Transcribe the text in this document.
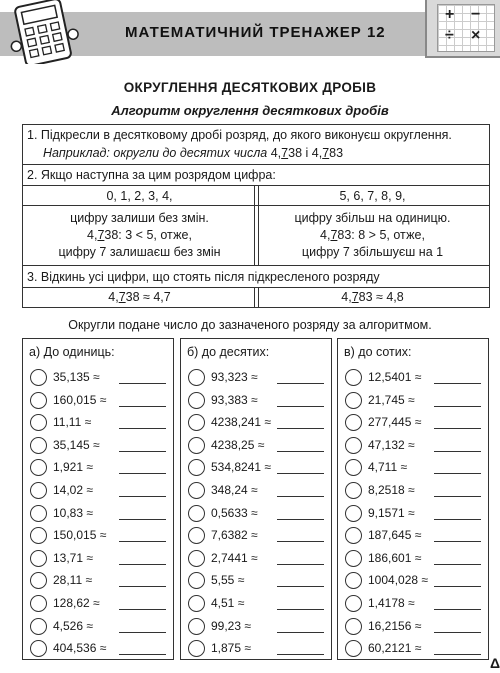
МАТЕМАТИЧНИЙ ТРЕНАЖЕР 12
+ −
÷ ×
ОКРУГЛЕННЯ ДЕСЯТКОВИХ ДРОБІВ
Алгоритм округлення десяткових дробів
1. Підкресли в десятковому дробі розряд, до якого виконуєш округлення.
Наприклад: округли до десятих числа 4,738 і 4,783
2. Якщо наступна за цим розрядом цифра:
0, 1, 2, 3, 4,	5, 6, 7, 8, 9,
цифру залиши без змін.
4,738: 3 < 5, отже,
цифру 7 залишаєш без змін
цифру збільш на одиницю.
4,783: 8 > 5, отже,
цифру 7 збільшуєш на 1
3. Відкинь усі цифри, що стоять після підкресленого розряду
4,738 ≈ 4,7	4,783 ≈ 4,8
Округли подане число до зазначеного розряду за алгоритмом.
а) До одиниць:
35,135 ≈
160,015 ≈
11,11 ≈
35,145 ≈
1,921 ≈
14,02 ≈
10,83 ≈
150,015 ≈
13,71 ≈
28,11 ≈
128,62 ≈
4,526 ≈
404,536 ≈
б) до десятих:
93,323 ≈
93,383 ≈
4238,241 ≈
4238,25 ≈
534,8241 ≈
348,24 ≈
0,5633 ≈
7,6382 ≈
2,7441 ≈
5,55 ≈
4,51 ≈
99,23 ≈
1,875 ≈
в) до сотих:
12,5401 ≈
21,745 ≈
277,445 ≈
47,132 ≈
4,711 ≈
8,2518 ≈
9,1571 ≈
187,645 ≈
186,601 ≈
1004,028 ≈
1,4178 ≈
16,2156 ≈
60,2121 ≈
Δ
